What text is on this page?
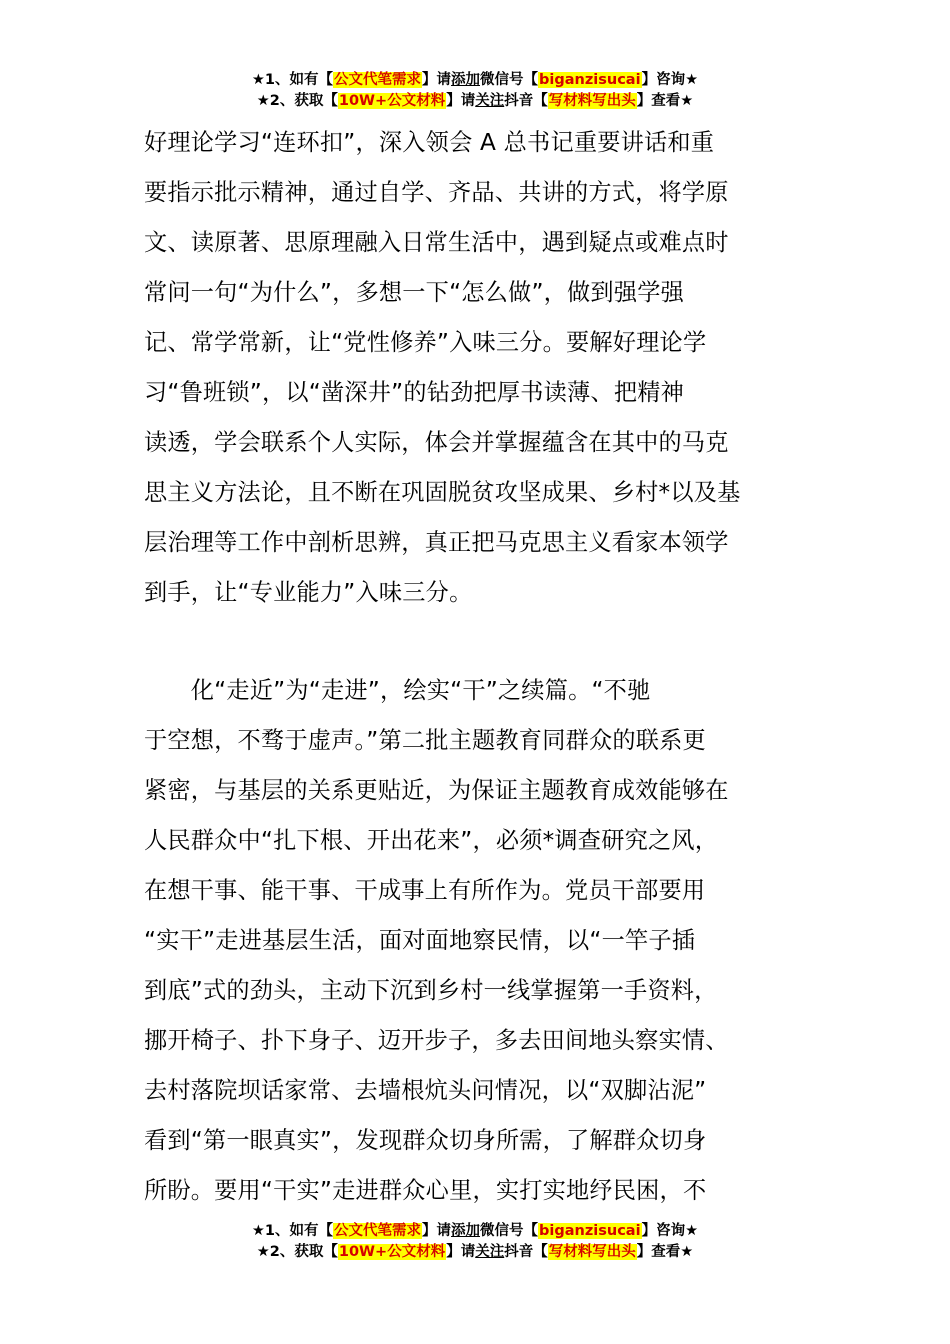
★1、如有【公文代笔需求】请添加微信号【biganzisucai】咨询★
★2、获取【10W+公文材料】请关注抖音【写材料写出头】查看★
好理论学习“连环扣”，深入领会 A 总书记重要讲话和重
要指示批示精神，通过自学、齐品、共讲的方式，将学原
文、读原著、思原理融入日常生活中，遇到疑点或难点时
常问一句“为什么”，多想一下“怎么做”，做到强学强
记、常学常新，让“党性修养”入味三分。要解好理论学
习“鲁班锁”，以“凿深井”的钻劲把厚书读薄、把精神
读透，学会联系个人实际，体会并掌握蕴含在其中的马克
思主义方法论，且不断在巩固脱贫攻坚成果、乡村*以及基
层治理等工作中剖析思辨，真正把马克思主义看家本领学
到手，让“专业能力”入味三分。
　　化“走近”为“走进”，绘实“干”之续篇。“不驰
于空想，不骛于虚声。”第二批主题教育同群众的联系更
紧密，与基层的关系更贴近，为保证主题教育成效能够在
人民群众中“扎下根、开出花来”，必须*调查研究之风，
在想干事、能干事、干成事上有所作为。党员干部要用
“实干”走进基层生活，面对面地察民情，以“一竿子插
到底”式的劲头，主动下沉到乡村一线掌握第一手资料，
挪开椅子、扑下身子、迈开步子，多去田间地头察实情、
去村落院坝话家常、去墙根炕头问情况，以“双脚沾泥”
看到“第一眼真实”，发现群众切身所需，了解群众切身
所盼。要用“干实”走进群众心里，实打实地纾民困，不
★1、如有【公文代笔需求】请添加微信号【biganzisucai】咨询★
★2、获取【10W+公文材料】请关注抖音【写材料写出头】查看★
